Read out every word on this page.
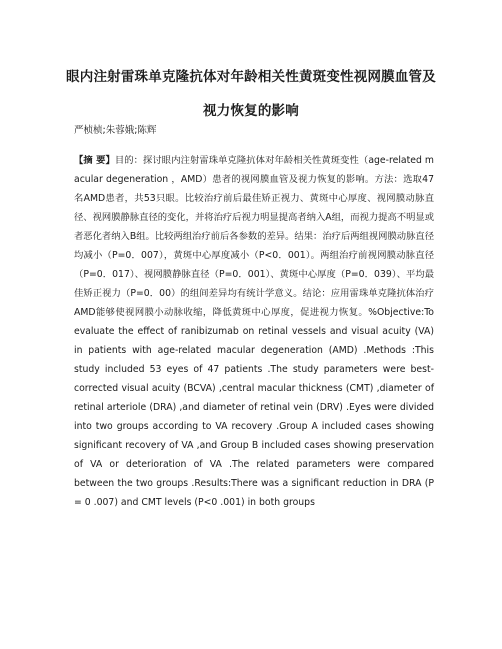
眼内注射雷珠单克隆抗体对年龄相关性黄斑变性视网膜血管及视力恢复的影响
严桢桢;朱蓉娥;陈辉
【摘 要】目的：探讨眼内注射雷珠单克隆抗体对年龄相关性黄斑变性（age-related macular degeneration ，AMD）患者的视网膜血管及视力恢复的影响。方法：选取47名AMD患者，共53只眼。比较治疗前后最佳矫正视力、黄斑中心厚度、视网膜动脉直径、视网膜静脉直径的变化，并将治疗后视力明显提高者纳入A组，而视力提高不明显或者恶化者纳入B组。比较两组治疗前后各参数的差异。结果：治疗后两组视网膜动脉直径均减小（P=0．007），黄斑中心厚度减小（P<0．001）。两组治疗前视网膜动脉直径（P=0．017）、视网膜静脉直径（P=0．001）、黄斑中心厚度（P=0．039）、平均最佳矫正视力（P=0．00）的组间差异均有统计学意义。结论：应用雷珠单克隆抗体治疗AMD能够使视网膜小动脉收缩，降低黄斑中心厚度，促进视力恢复。%Objective:To evaluate the effect of ranibizumab on retinal vessels and visual acuity (VA) in patients with age-related macular degeneration (AMD) .Methods :This study included 53 eyes of 47 patients .The study parameters were best-corrected visual acuity (BCVA) ,central macular thickness (CMT) ,diameter of retinal arteriole (DRA) ,and diameter of retinal vein (DRV) .Eyes were divided into two groups according to VA recovery .Group A included cases showing significant recovery of VA ,and Group B included cases showing preservation of VA or deterioration of VA .The related parameters were compared between the two groups .Results:There was a significant reduction in DRA (P = 0 .007) and CMT levels (P<0 .001) in both groups
